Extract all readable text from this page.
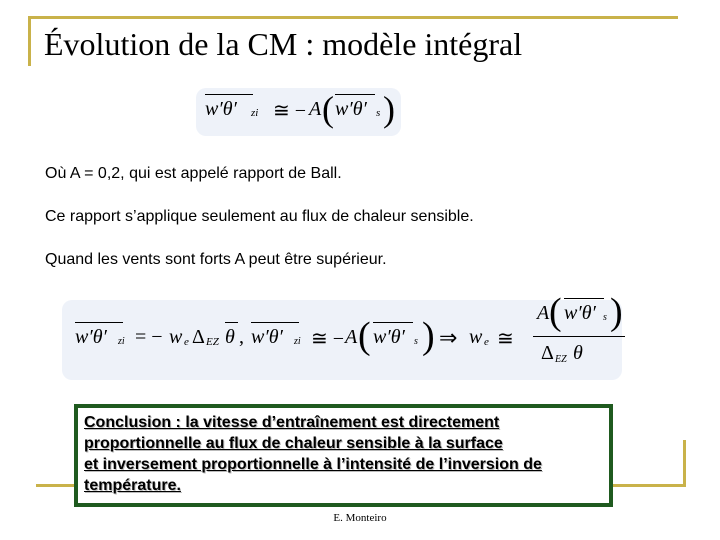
Évolution de la CM : modèle intégral
w′θ′ zi ≅ − A ( w′θ′ s )
Où A = 0,2, qui est appelé rapport de Ball.
Ce rapport s’applique seulement au flux de chaleur sensible.
Quand les vents sont forts A peut être supérieur.
w′θ′ zi = − w e Δ EZ θ , w′θ′ zi ≅ − A ( w′θ′ s ) ⇒ w e ≅
A ( w′θ′ s )
Δ EZ θ
Conclusion : la vitesse d’entraînement est directement
proportionnelle au flux de chaleur sensible à la surface
et inversement proportionnelle à l’intensité de l’inversion de
température.
E. Monteiro
